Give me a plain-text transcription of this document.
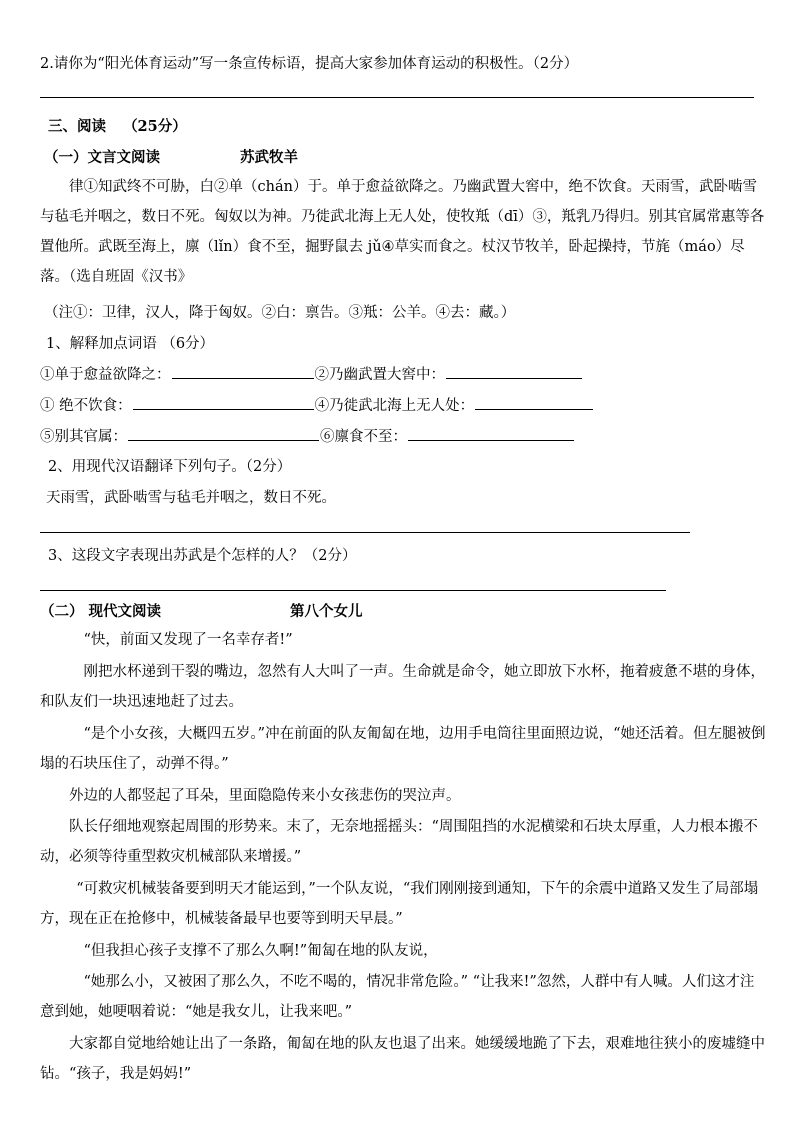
2.请你为“阳光体育运动”写一条宣传标语，提高大家参加体育运动的积极性。（2分）
三、阅读 （25分）
（一）文言文阅读	苏武牧羊
律①知武终不可胁，白②单（chán）于。单于愈益欲降之。乃幽武置大窖中，绝不饮食。天雨雪，武卧啮雪与毡毛并咽之，数日不死。匈奴以为神。乃徙武北海上无人处，使牧羝（dī）③，羝乳乃得归。别其官属常惠等各置他所。武既至海上，廪（lǐn）食不至，掘野鼠去 jǔ④草实而食之。杖汉节牧羊，卧起操持，节旄（máo）尽落。（选自班固《汉书》
（注①：卫律，汉人，降于匈奴。②白：禀告。③羝：公羊。④去：藏。）
1、解释加点词语 （6分）
①单于愈益欲降之：	②乃幽武置大窖中：
① 绝不饮食：	④乃徙武北海上无人处：
⑤别其官属：	⑥廪食不至：
2、用现代汉语翻译下列句子。（2分）
天雨雪，武卧啮雪与毡毛并咽之，数日不死。
3、这段文字表现出苏武是个怎样的人？（2分）
（二） 现代文阅读	第八个女儿
“快，前面又发现了一名幸存者!”
刚把水杯递到干裂的嘴边，忽然有人大叫了一声。生命就是命令，她立即放下水杯，拖着疲惫不堪的身体，和队友们一块迅速地赶了过去。
“是个小女孩，大概四五岁。”冲在前面的队友匍匐在地，边用手电筒往里面照边说，“她还活着。但左腿被倒塌的石块压住了，动弹不得。”
外边的人都竖起了耳朵，里面隐隐传来小女孩悲伤的哭泣声。
队长仔细地观察起周围的形势来。末了，无奈地摇摇头：“周围阻挡的水泥横梁和石块太厚重，人力根本搬不动，必须等待重型救灾机械部队来增援。”
“可救灾机械装备要到明天才能运到，”一个队友说，“我们刚刚接到通知，下午的余震中道路又发生了局部塌方，现在正在抢修中，机械装备最早也要等到明天早晨。”
“但我担心孩子支撑不了那么久啊!”匍匐在地的队友说，
“她那么小，又被困了那么久，不吃不喝的，情况非常危险。” “让我来!”忽然，人群中有人喊。人们这才注意到她，她哽咽着说：“她是我女儿，让我来吧。”
大家都自觉地给她让出了一条路，匍匐在地的队友也退了出来。她缓缓地跪了下去，艰难地往狭小的废墟缝中钻。“孩子，我是妈妈!”
